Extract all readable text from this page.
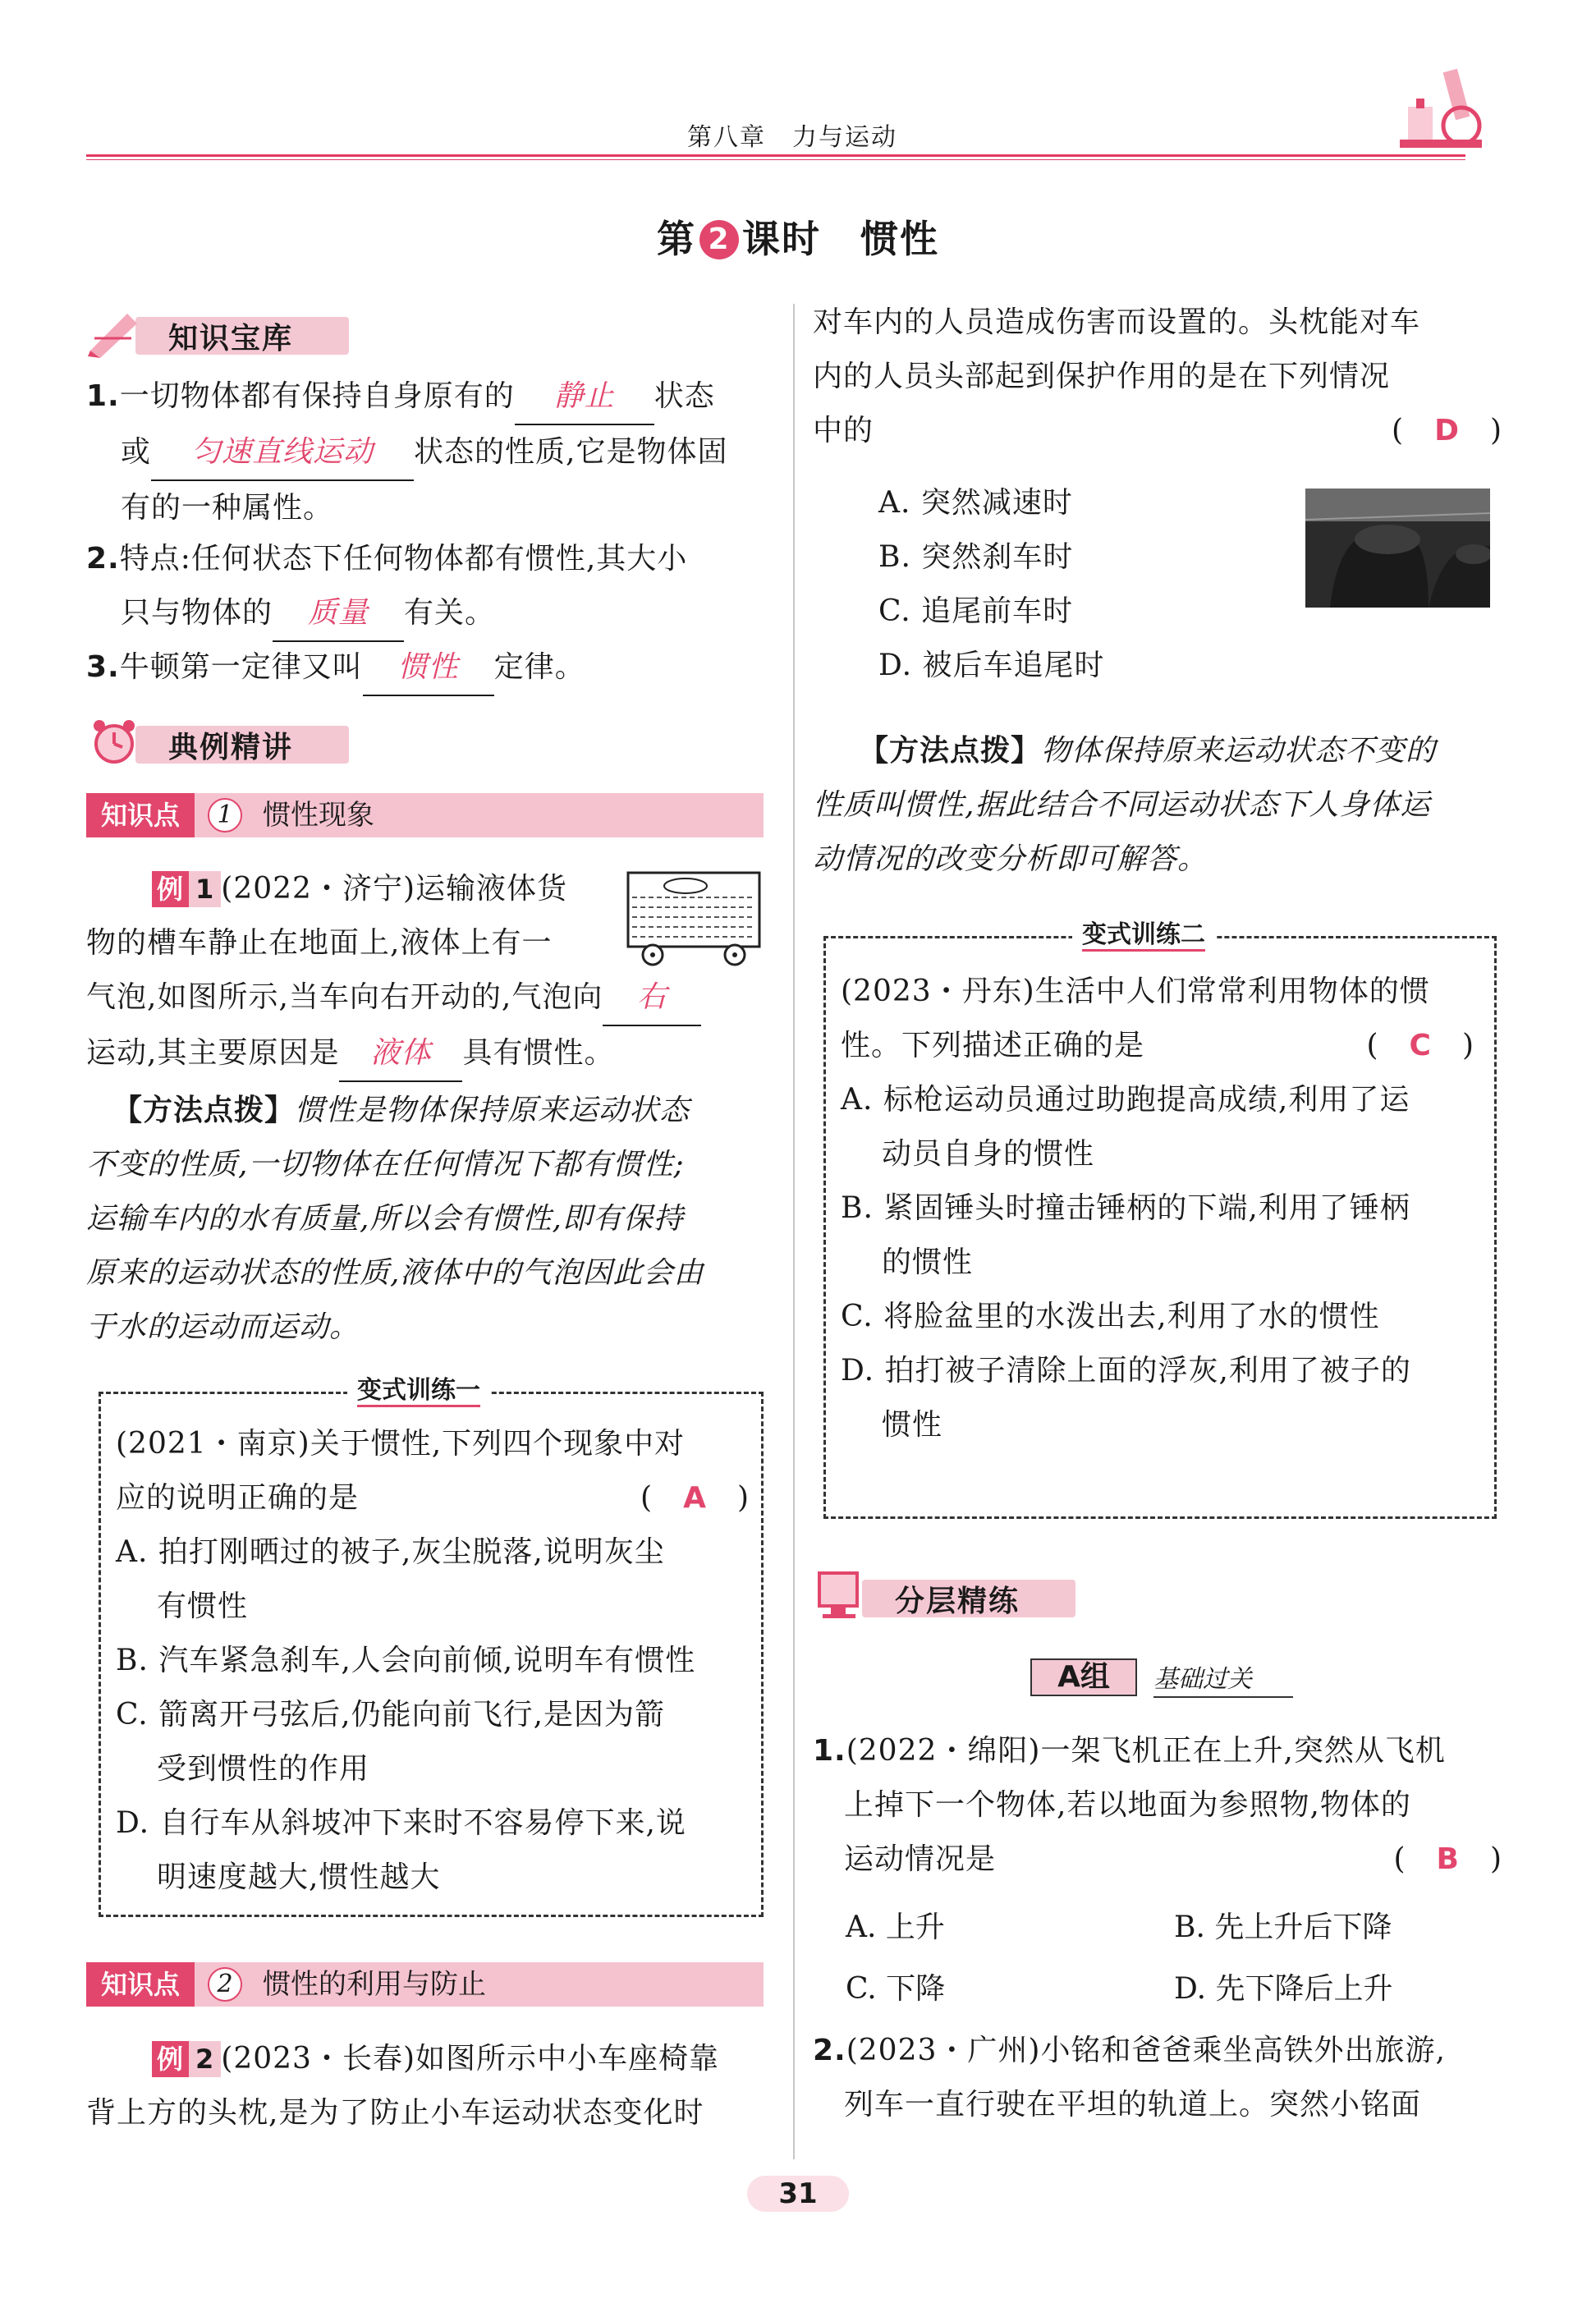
第八章　力与运动
第 2 课时　惯性
知识宝库
1.一切物体都有保持自身原有的 静止 状态
或 匀速直线运动 状态的性质,它是物体固
有的一种属性。
2.特点:任何状态下任何物体都有惯性,其大小
只与物体的 质量 有关。
3.牛顿第一定律又叫 惯性 定律。
典例精讲
知识点	1	惯性现象
例 1 (2022・济宁)运输液体货
物的槽车静止在地面上,液体上有一
气泡,如图所示,当车向右开动的,气泡向 右
运动,其主要原因是 液体 具有惯性。
【方法点拨】惯性是物体保持原来运动状态
不变的性质,一切物体在任何情况下都有惯性;
运输车内的水有质量,所以会有惯性,即有保持
原来的运动状态的性质,液体中的气泡因此会由
于水的运动而运动。
变式训练一
(2021・南京)关于惯性,下列四个现象中对
应的说明正确的是	(　A　)

A. 拍打刚晒过的被子,灰尘脱落,说明灰尘
有惯性
B. 汽车紧急刹车,人会向前倾,说明车有惯性
C. 箭离开弓弦后,仍能向前飞行,是因为箭
受到惯性的作用
D. 自行车从斜坡冲下来时不容易停下来,说
明速度越大,惯性越大
知识点	2	惯性的利用与防止
例 2 (2023・长春)如图所示中小车座椅靠
背上方的头枕,是为了防止小车运动状态变化时
对车内的人员造成伤害而设置的。头枕能对车
内的人员头部起到保护作用的是在下列情况
中的	(　D　)
A. 突然减速时
B. 突然刹车时
C. 追尾前车时
D. 被后车追尾时
【方法点拨】物体保持原来运动状态不变的
性质叫惯性,据此结合不同运动状态下人身体运
动情况的改变分析即可解答。
变式训练二
(2023・丹东)生活中人们常常利用物体的惯
性。下列描述正确的是	(　C　)

A. 标枪运动员通过助跑提高成绩,利用了运
动员自身的惯性
B. 紧固锤头时撞击锤柄的下端,利用了锤柄
的惯性
C. 将脸盆里的水泼出去,利用了水的惯性
D. 拍打被子清除上面的浮灰,利用了被子的
惯性
分层精练
A组	基础过关
1.(2022・绵阳)一架飞机正在上升,突然从飞机
上掉下一个物体,若以地面为参照物,物体的
运动情况是	(　B　)
A. 上升	B. 先上升后下降
C. 下降	D. 先下降后上升
2.(2023・广州)小铭和爸爸乘坐高铁外出旅游,
列车一直行驶在平坦的轨道上。突然小铭面
31
